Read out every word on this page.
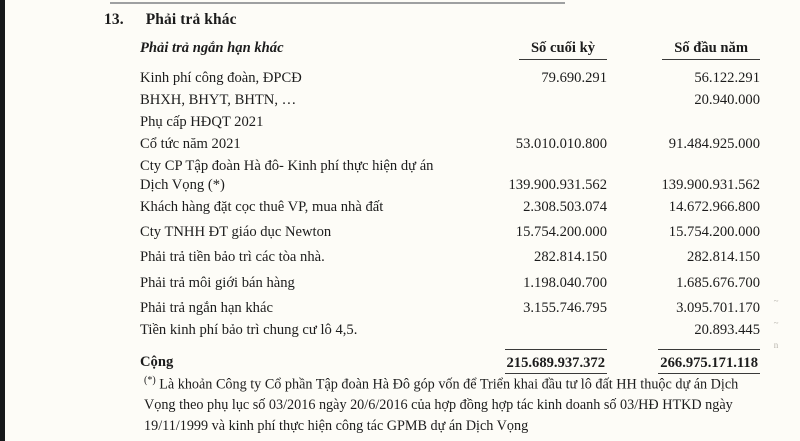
~
~
n
13. Phải trả khác
Phải trả ngắn hạn khác	Số cuối kỳ	Số đầu năm
Kinh phí công đoàn, ĐPCĐ	79.690.291	56.122.291
BHXH, BHYT, BHTN, …		20.940.000
Phụ cấp HĐQT 2021		
Cổ tức năm 2021	53.010.010.800	91.484.925.000
Cty CP Tập đoàn Hà đô- Kinh phí thực hiện dự án Dịch Vọng (*)	139.900.931.562	139.900.931.562
Khách hàng đặt cọc thuê VP, mua nhà đất	2.308.503.074	14.672.966.800
Cty TNHH ĐT giáo dục Newton	15.754.200.000	15.754.200.000
Phải trả tiền bảo trì các tòa nhà.	282.814.150	282.814.150
Phải trả môi giới bán hàng	1.198.040.700	1.685.676.700
Phải trả ngắn hạn khác	3.155.746.795	3.095.701.170
Tiền kinh phí bảo trì chung cư lô 4,5.		20.893.445
Cộng	215.689.937.372	266.975.171.118
(*) Là khoản Công ty Cổ phần Tập đoàn Hà Đô góp vốn để Triển khai đầu tư lô đất HH thuộc dự án Dịch Vọng theo phụ lục số 03/2016 ngày 20/6/2016 của hợp đồng hợp tác kinh doanh số 03/HĐ HTKD ngày 19/11/1999 và kinh phí thực hiện công tác GPMB dự án Dịch Vọng
